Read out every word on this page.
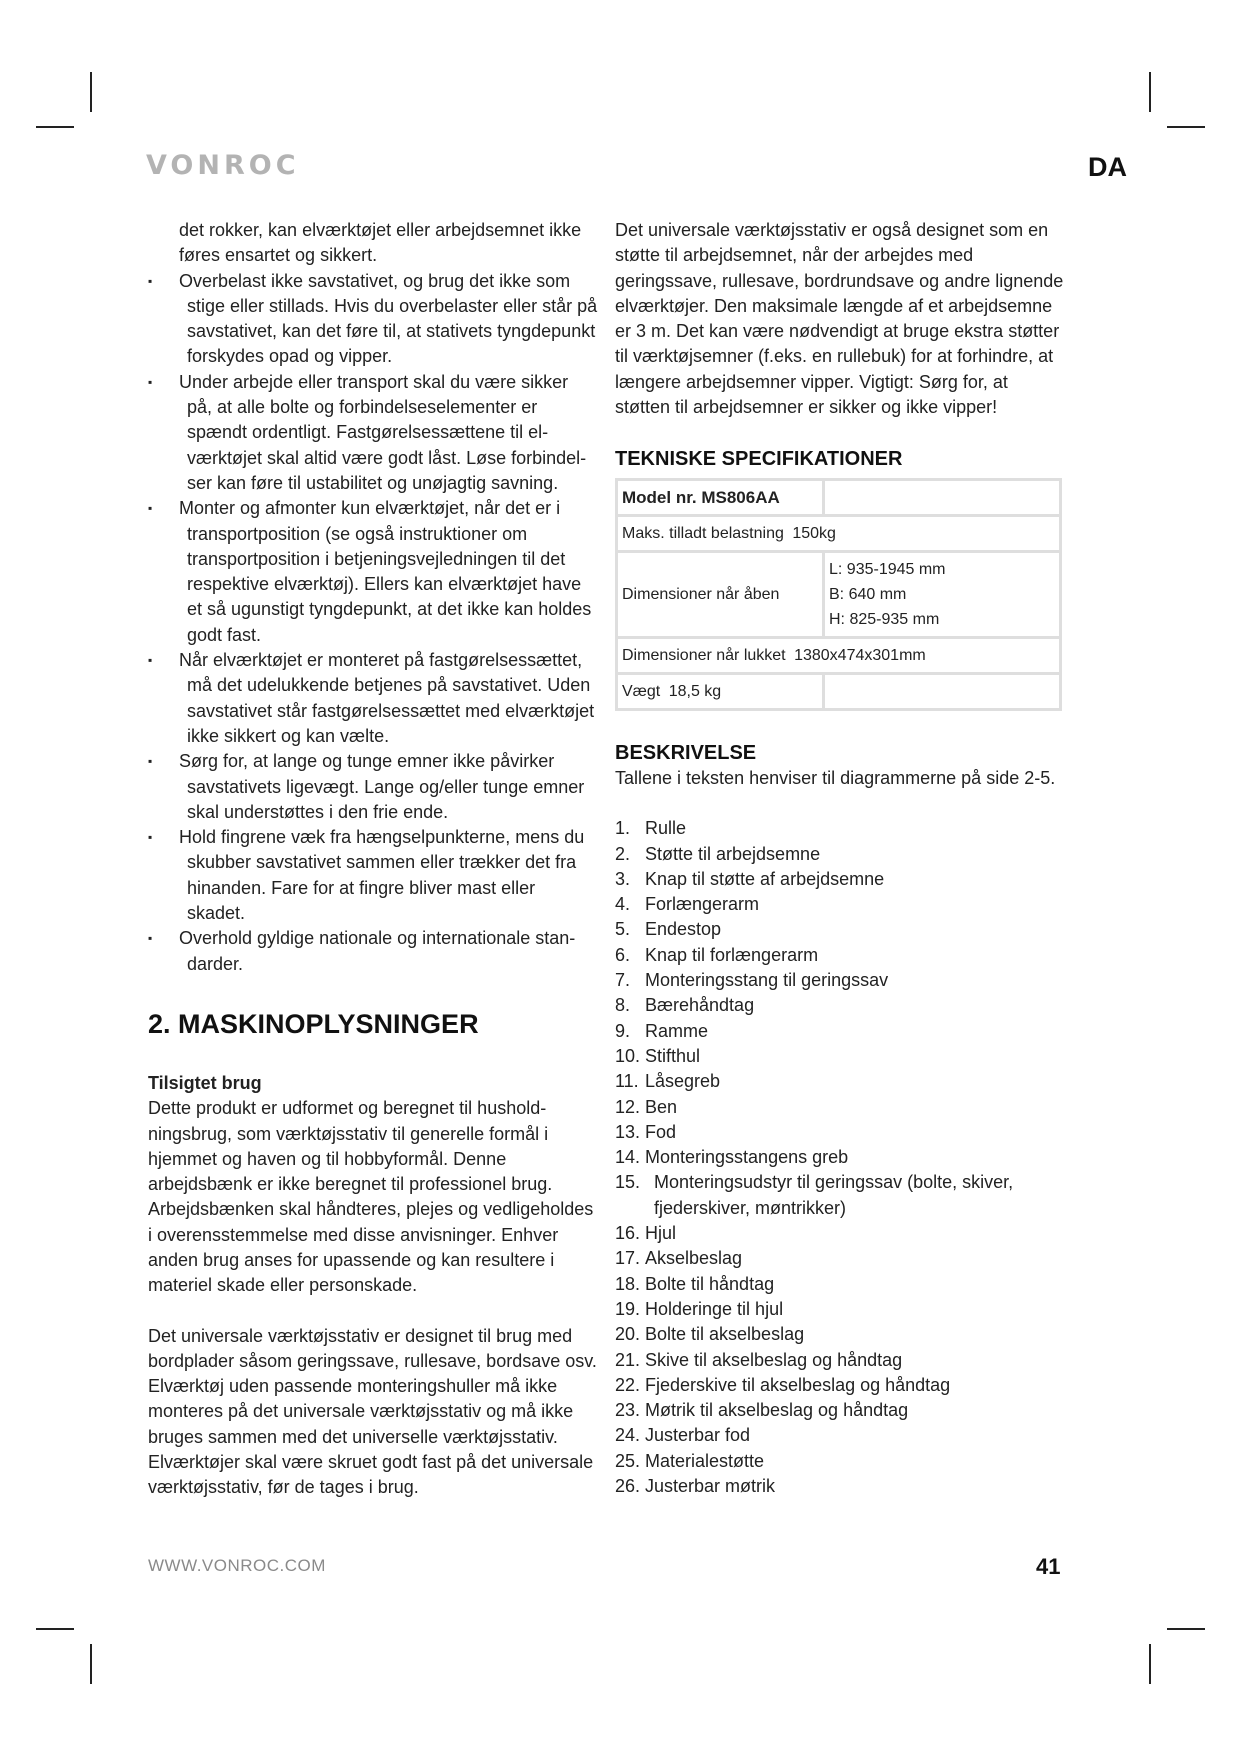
VONROC	DA

det rokker, kan elværktøjet eller arbejdsemnet ikke føres ensartet og sikkert.

▪ Overbelast ikke savstativet, og brug det ikke som stige eller stillads. Hvis du overbelaster eller står på savstativet, kan det føre til, at stativets tyngdepunkt forskydes opad og vipper.
▪ Under arbejde eller transport skal du være sikker på, at alle bolte og forbindelseselementer er spændt ordentligt. Fastgørelsessættene til elværktøjet skal altid være godt låst. Løse forbindelser kan føre til ustabilitet og unøjagtig savning.
▪ Monter og afmonter kun elværktøjet, når det er i transportposition (se også instruktioner om transportposition i betjeningsvejledningen til det respektive elværktøj). Ellers kan elværktøjet have et så ugunstigt tyngdepunkt, at det ikke kan holdes godt fast.
▪ Når elværktøjet er monteret på fastgørelsessættet, må det udelukkende betjenes på savstativet. Uden savstativet står fastgørelsessættet med elværktøjet ikke sikkert og kan vælte.
▪ Sørg for, at lange og tunge emner ikke påvirker savstativets ligevægt. Lange og/eller tunge emner skal understøttes i den frie ende.
▪ Hold fingrene væk fra hængselpunkterne, mens du skubber savstativet sammen eller trækker det fra hinanden. Fare for at fingre bliver mast eller skadet.
▪ Overhold gyldige nationale og internationale standarder.
2. MASKINOPLYSNINGER
Tilsigtet brug

Dette produkt er udformet og beregnet til husholdningsbrug, som værktøjsstativ til generelle formål i hjemmet og haven og til hobbyformål. Denne arbejdsbænk er ikke beregnet til professionel brug. Arbejdsbænken skal håndteres, plejes og vedligeholdes i overensstemmelse med disse anvisninger. Enhver anden brug anses for upassende og kan resultere i materiel skade eller personskade.

Det universale værktøjsstativ er designet til brug med bordplader såsom geringssave, rullesave, bordsave osv. Elværktøj uden passende monteringshuller må ikke monteres på det universale værktøjsstativ og må ikke bruges sammen med det universelle værktøjsstativ. Elværktøjer skal være skruet godt fast på det universale værktøjsstativ, før de tages i brug.

Det universale værktøjsstativ er også designet som en støtte til arbejdsemnet, når der arbejdes med geringssave, rullesave, bordrundsave og andre lignende elværktøjer. Den maksimale længde af et arbejdsemne er 3 m. Det kan være nødvendigt at bruge ekstra støtter til værktøjsemner (f.eks. en rullebuk) for at forhindre, at længere arbejdsemner vipper. Vigtigt: Sørg for, at støtten til arbejdsemner er sikker og ikke vipper!

TEKNISKE SPECIFIKATIONER
Model nr. MS806AA	
Maks. tilladt belastning 150kg	
Dimensioner når åben	L: 935-1945 mm
B: 640 mm
H: 825-935 mm

Dimensioner når lukket 1380x474x301mm	
Vægt 18,5 kg	
BESKRIVELSE

Tallene i teksten henviser til diagrammerne på side 2-5.

1. Rulle
2. Støtte til arbejdsemne
3. Knap til støtte af arbejdsemne
4. Forlængerarm
5. Endestop
6. Knap til forlængerarm
7. Monteringsstang til geringssav
8. Bærehåndtag
9. Ramme
10. Stifthul
11. Låsegreb
12. Ben
13. Fod
14. Monteringsstangens greb
15. Monteringsudstyr til geringssav (bolte, skiver, fjederskiver, møntrikker)
16. Hjul
17. Akselbeslag
18. Bolte til håndtag
19. Holderinge til hjul
20. Bolte til akselbeslag
21. Skive til akselbeslag og håndtag
22. Fjederskive til akselbeslag og håndtag
23. Møtrik til akselbeslag og håndtag
24. Justerbar fod
25. Materialestøtte
26. Justerbar møtrik
WWW.VONROC.COM	41
